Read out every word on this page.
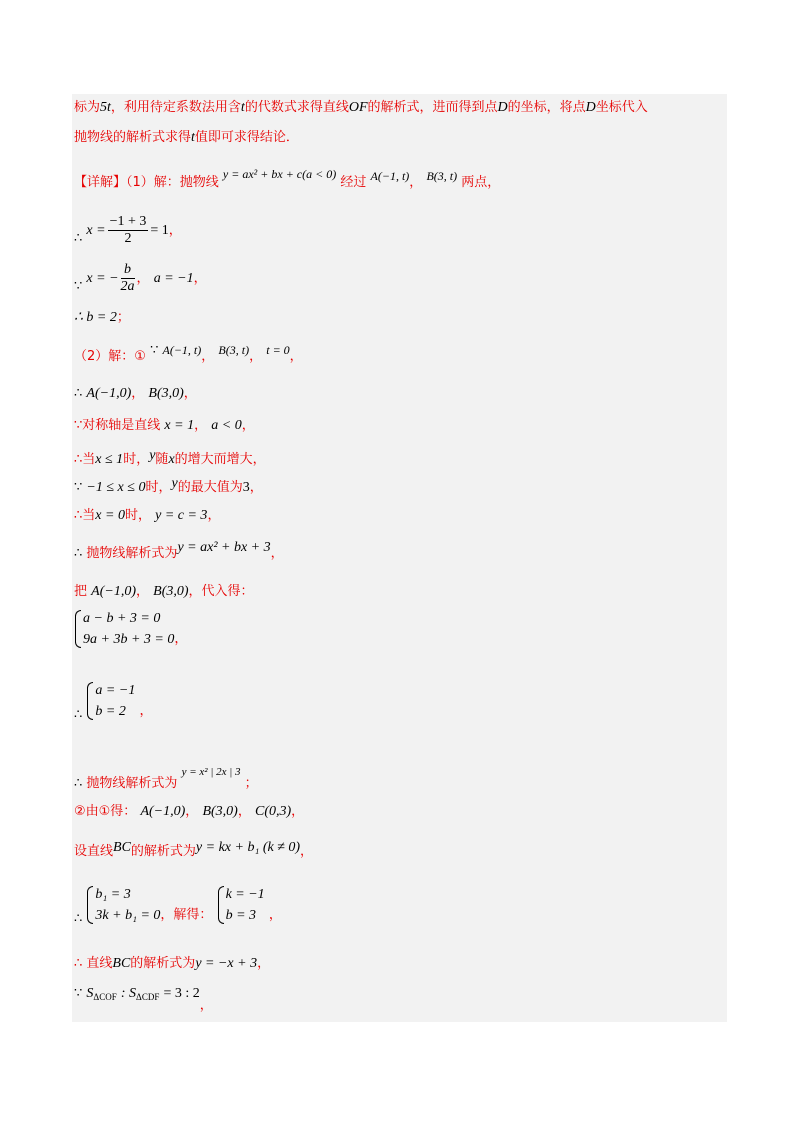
标为5t，利用待定系数法用含t的代数式求得直线OF的解析式，进而得到点D的坐标，将点D坐标代入
抛物线的解析式求得t值即可求得结论．
【详解】（1）解：抛物线 y = ax² + bx + c(a < 0) 经过 A(−1, t)， B(3, t) 两点，
∴ $x = \frac{-1 + 3}{2} = 1$，
∵ x = − $\frac{b}{2a}$ ， a = −1，
∴ b = 2；
（2）解：① ∵ A(−1, t)， B(3, t)， t = 0，
∴ A(−1,0)， B(3,0)，
∵对称轴是直线 x = 1， a < 0，
∴当x ≤ 1时，y随x的增大而增大，
∵ −1 ≤ x ≤ 0时，y的最大值为3，
∴当x = 0时， y = c = 3，
∴ 抛物线解析式为y = ax² + bx + 3，
把 A(−1,0)， B(3,0)，代入得：
a − b + 3 = 0
9a + 3b + 3 = 0 ，
∴
a = −1
b = 2	，
∴ 抛物线解析式为 $^{y = x^2 | 2x | 3}$ ；
②由①得： A(−1,0)， B(3,0)， C(0,3)，
设直线BC的解析式为y = kx + b₁ (k ≠ 0)，
∴
b₁ = 3
3k + b₁ = 0 ，解得：
k = −1
b = 3 ，
∴ 直线BC的解析式为y = −x + 3，
∵ $S_{\Delta COF}$ : $S_{\Delta CDF} = 3$ : 2，
